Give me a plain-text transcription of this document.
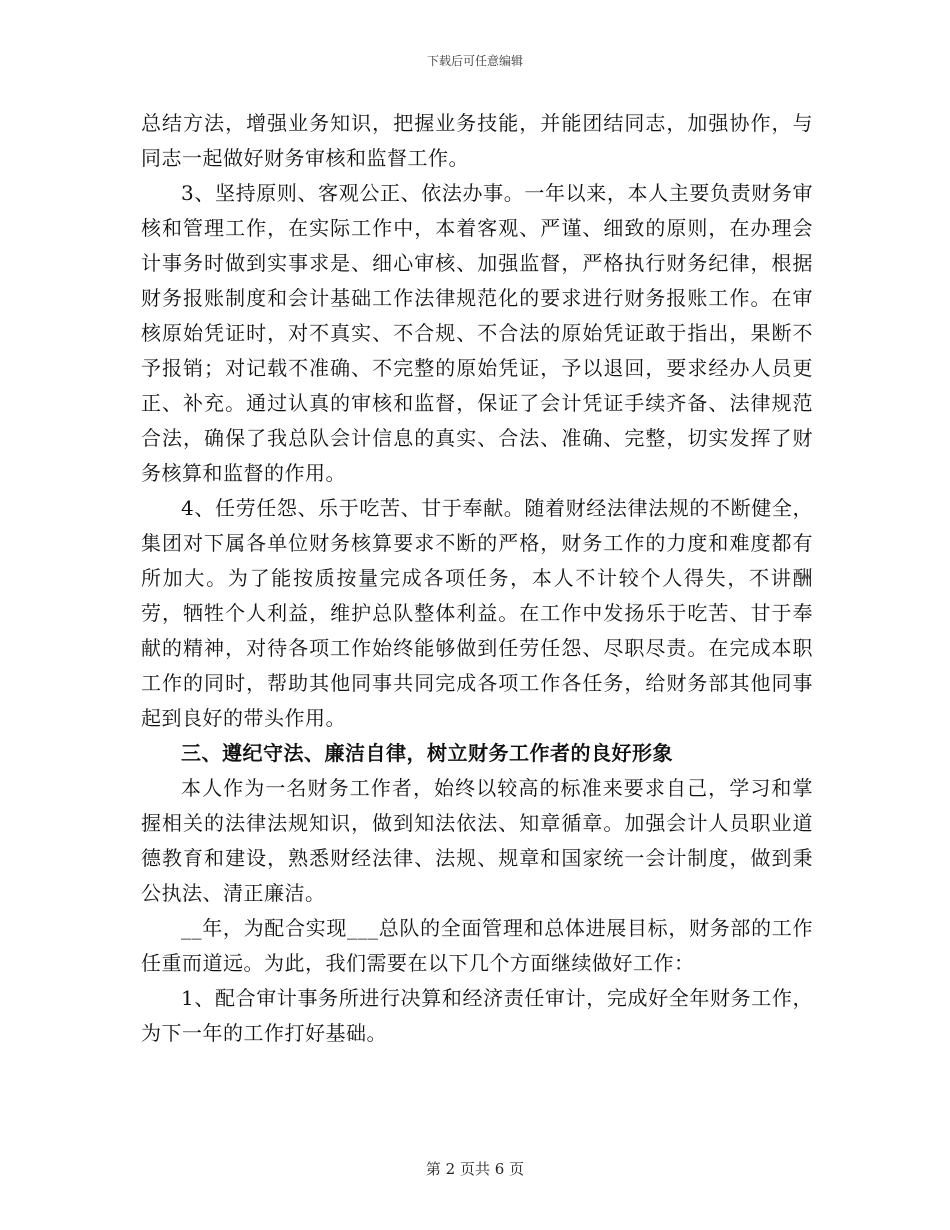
下载后可任意编辑

总结方法，增强业务知识，把握业务技能，并能团结同志，加强协作，与同志一起做好财务审核和监督工作。

3、坚持原则、客观公正、依法办事。一年以来，本人主要负责财务审核和管理工作，在实际工作中，本着客观、严谨、细致的原则，在办理会计事务时做到实事求是、细心审核、加强监督，严格执行财务纪律，根据财务报账制度和会计基础工作法律规范化的要求进行财务报账工作。在审核原始凭证时，对不真实、不合规、不合法的原始凭证敢于指出，果断不予报销；对记载不准确、不完整的原始凭证，予以退回，要求经办人员更正、补充。通过认真的审核和监督，保证了会计凭证手续齐备、法律规范合法，确保了我总队会计信息的真实、合法、准确、完整，切实发挥了财务核算和监督的作用。

4、任劳任怨、乐于吃苦、甘于奉献。随着财经法律法规的不断健全，集团对下属各单位财务核算要求不断的严格，财务工作的力度和难度都有所加大。为了能按质按量完成各项任务，本人不计较个人得失，不讲酬劳，牺牲个人利益，维护总队整体利益。在工作中发扬乐于吃苦、甘于奉献的精神，对待各项工作始终能够做到任劳任怨、尽职尽责。在完成本职工作的同时，帮助其他同事共同完成各项工作各任务，给财务部其他同事起到良好的带头作用。

三、遵纪守法、廉洁自律，树立财务工作者的良好形象

本人作为一名财务工作者，始终以较高的标准来要求自己，学习和掌握相关的法律法规知识，做到知法依法、知章循章。加强会计人员职业道德教育和建设，熟悉财经法律、法规、规章和国家统一会计制度，做到秉公执法、清正廉洁。

__年，为配合实现___总队的全面管理和总体进展目标，财务部的工作任重而道远。为此，我们需要在以下几个方面继续做好工作：

1、配合审计事务所进行决算和经济责任审计，完成好全年财务工作，为下一年的工作打好基础。

第 2 页共 6 页
